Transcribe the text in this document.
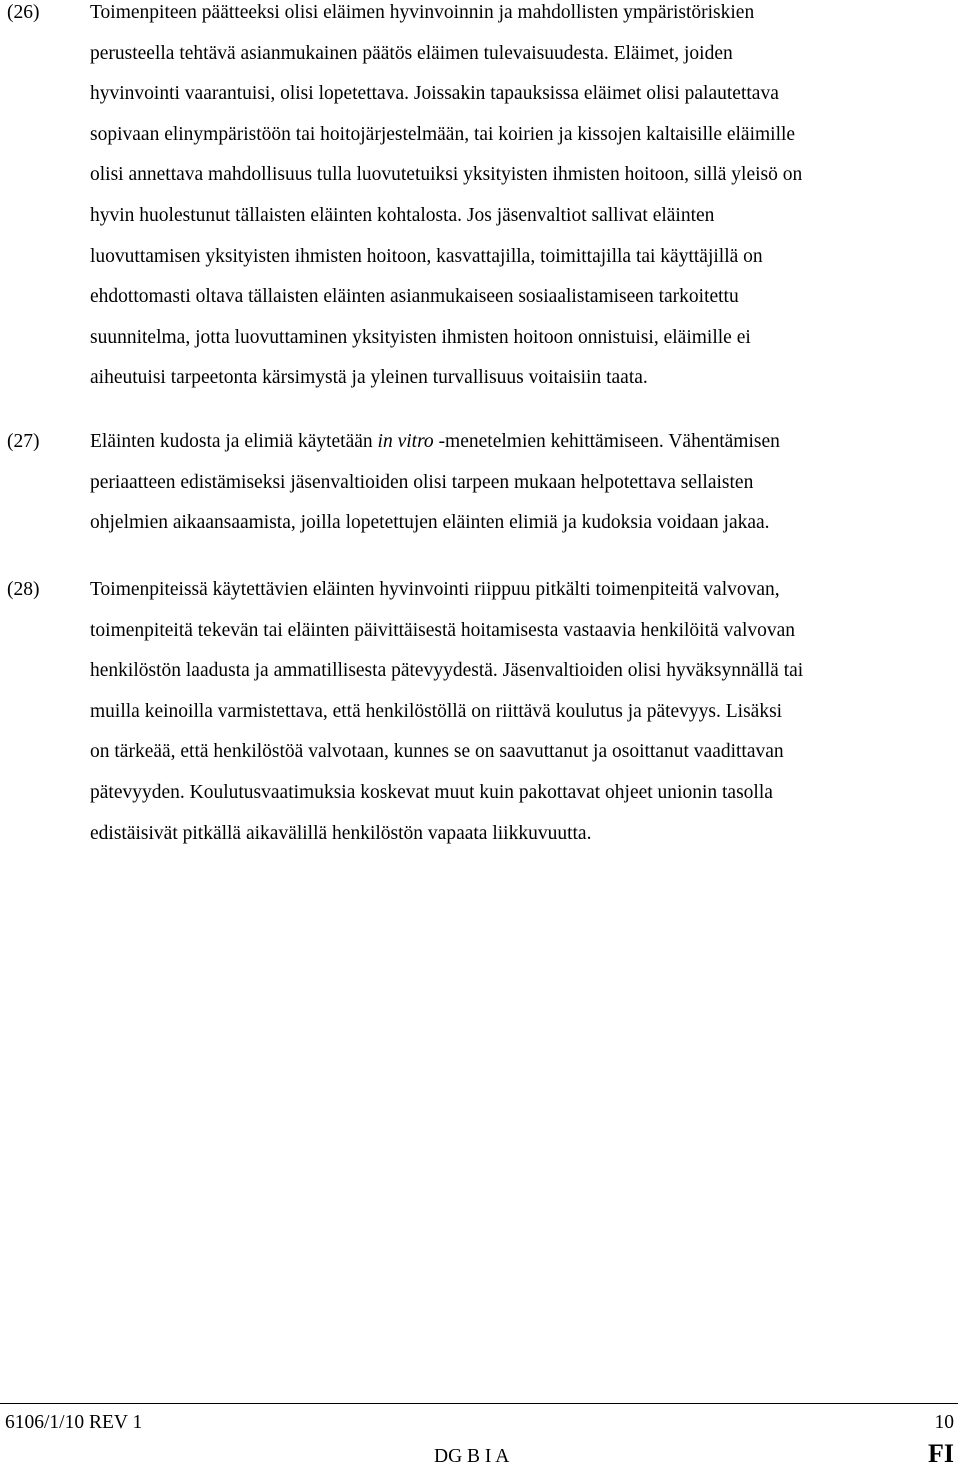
(26)	Toimenpiteen päätteeksi olisi eläimen hyvinvoinnin ja mahdollisten ympäristöriskien
perusteella tehtävä asianmukainen päätös eläimen tulevaisuudesta. Eläimet, joiden
hyvinvointi vaarantuisi, olisi lopetettava. Joissakin tapauksissa eläimet olisi palautettava
sopivaan elinympäristöön tai hoitojärjestelmään, tai koirien ja kissojen kaltaisille eläimille
olisi annettava mahdollisuus tulla luovutetuiksi yksityisten ihmisten hoitoon, sillä yleisö on
hyvin huolestunut tällaisten eläinten kohtalosta. Jos jäsenvaltiot sallivat eläinten
luovuttamisen yksityisten ihmisten hoitoon, kasvattajilla, toimittajilla tai käyttäjillä on
ehdottomasti oltava tällaisten eläinten asianmukaiseen sosiaalistamiseen tarkoitettu
suunnitelma, jotta luovuttaminen yksityisten ihmisten hoitoon onnistuisi, eläimille ei
aiheutuisi tarpeetonta kärsimystä ja yleinen turvallisuus voitaisiin taata.
(27)	Eläinten kudosta ja elimiä käytetään in vitro -menetelmien kehittämiseen. Vähentämisen
periaatteen edistämiseksi jäsenvaltioiden olisi tarpeen mukaan helpotettava sellaisten
ohjelmien aikaansaamista, joilla lopetettujen eläinten elimiä ja kudoksia voidaan jakaa.
(28)	Toimenpiteissä käytettävien eläinten hyvinvointi riippuu pitkälti toimenpiteitä valvovan,
toimenpiteitä tekevän tai eläinten päivittäisestä hoitamisesta vastaavia henkilöitä valvovan
henkilöstön laadusta ja ammatillisesta pätevyydestä. Jäsenvaltioiden olisi hyväksynnällä tai
muilla keinoilla varmistettava, että henkilöstöllä on riittävä koulutus ja pätevyys. Lisäksi
on tärkeää, että henkilöstöä valvotaan, kunnes se on saavuttanut ja osoittanut vaadittavan
pätevyyden. Koulutusvaatimuksia koskevat muut kuin pakottavat ohjeet unionin tasolla
edistäisivät pitkällä aikavälillä henkilöstön vapaata liikkuvuutta.
6106/1/10 REV 1	10
DG B I A	FI
